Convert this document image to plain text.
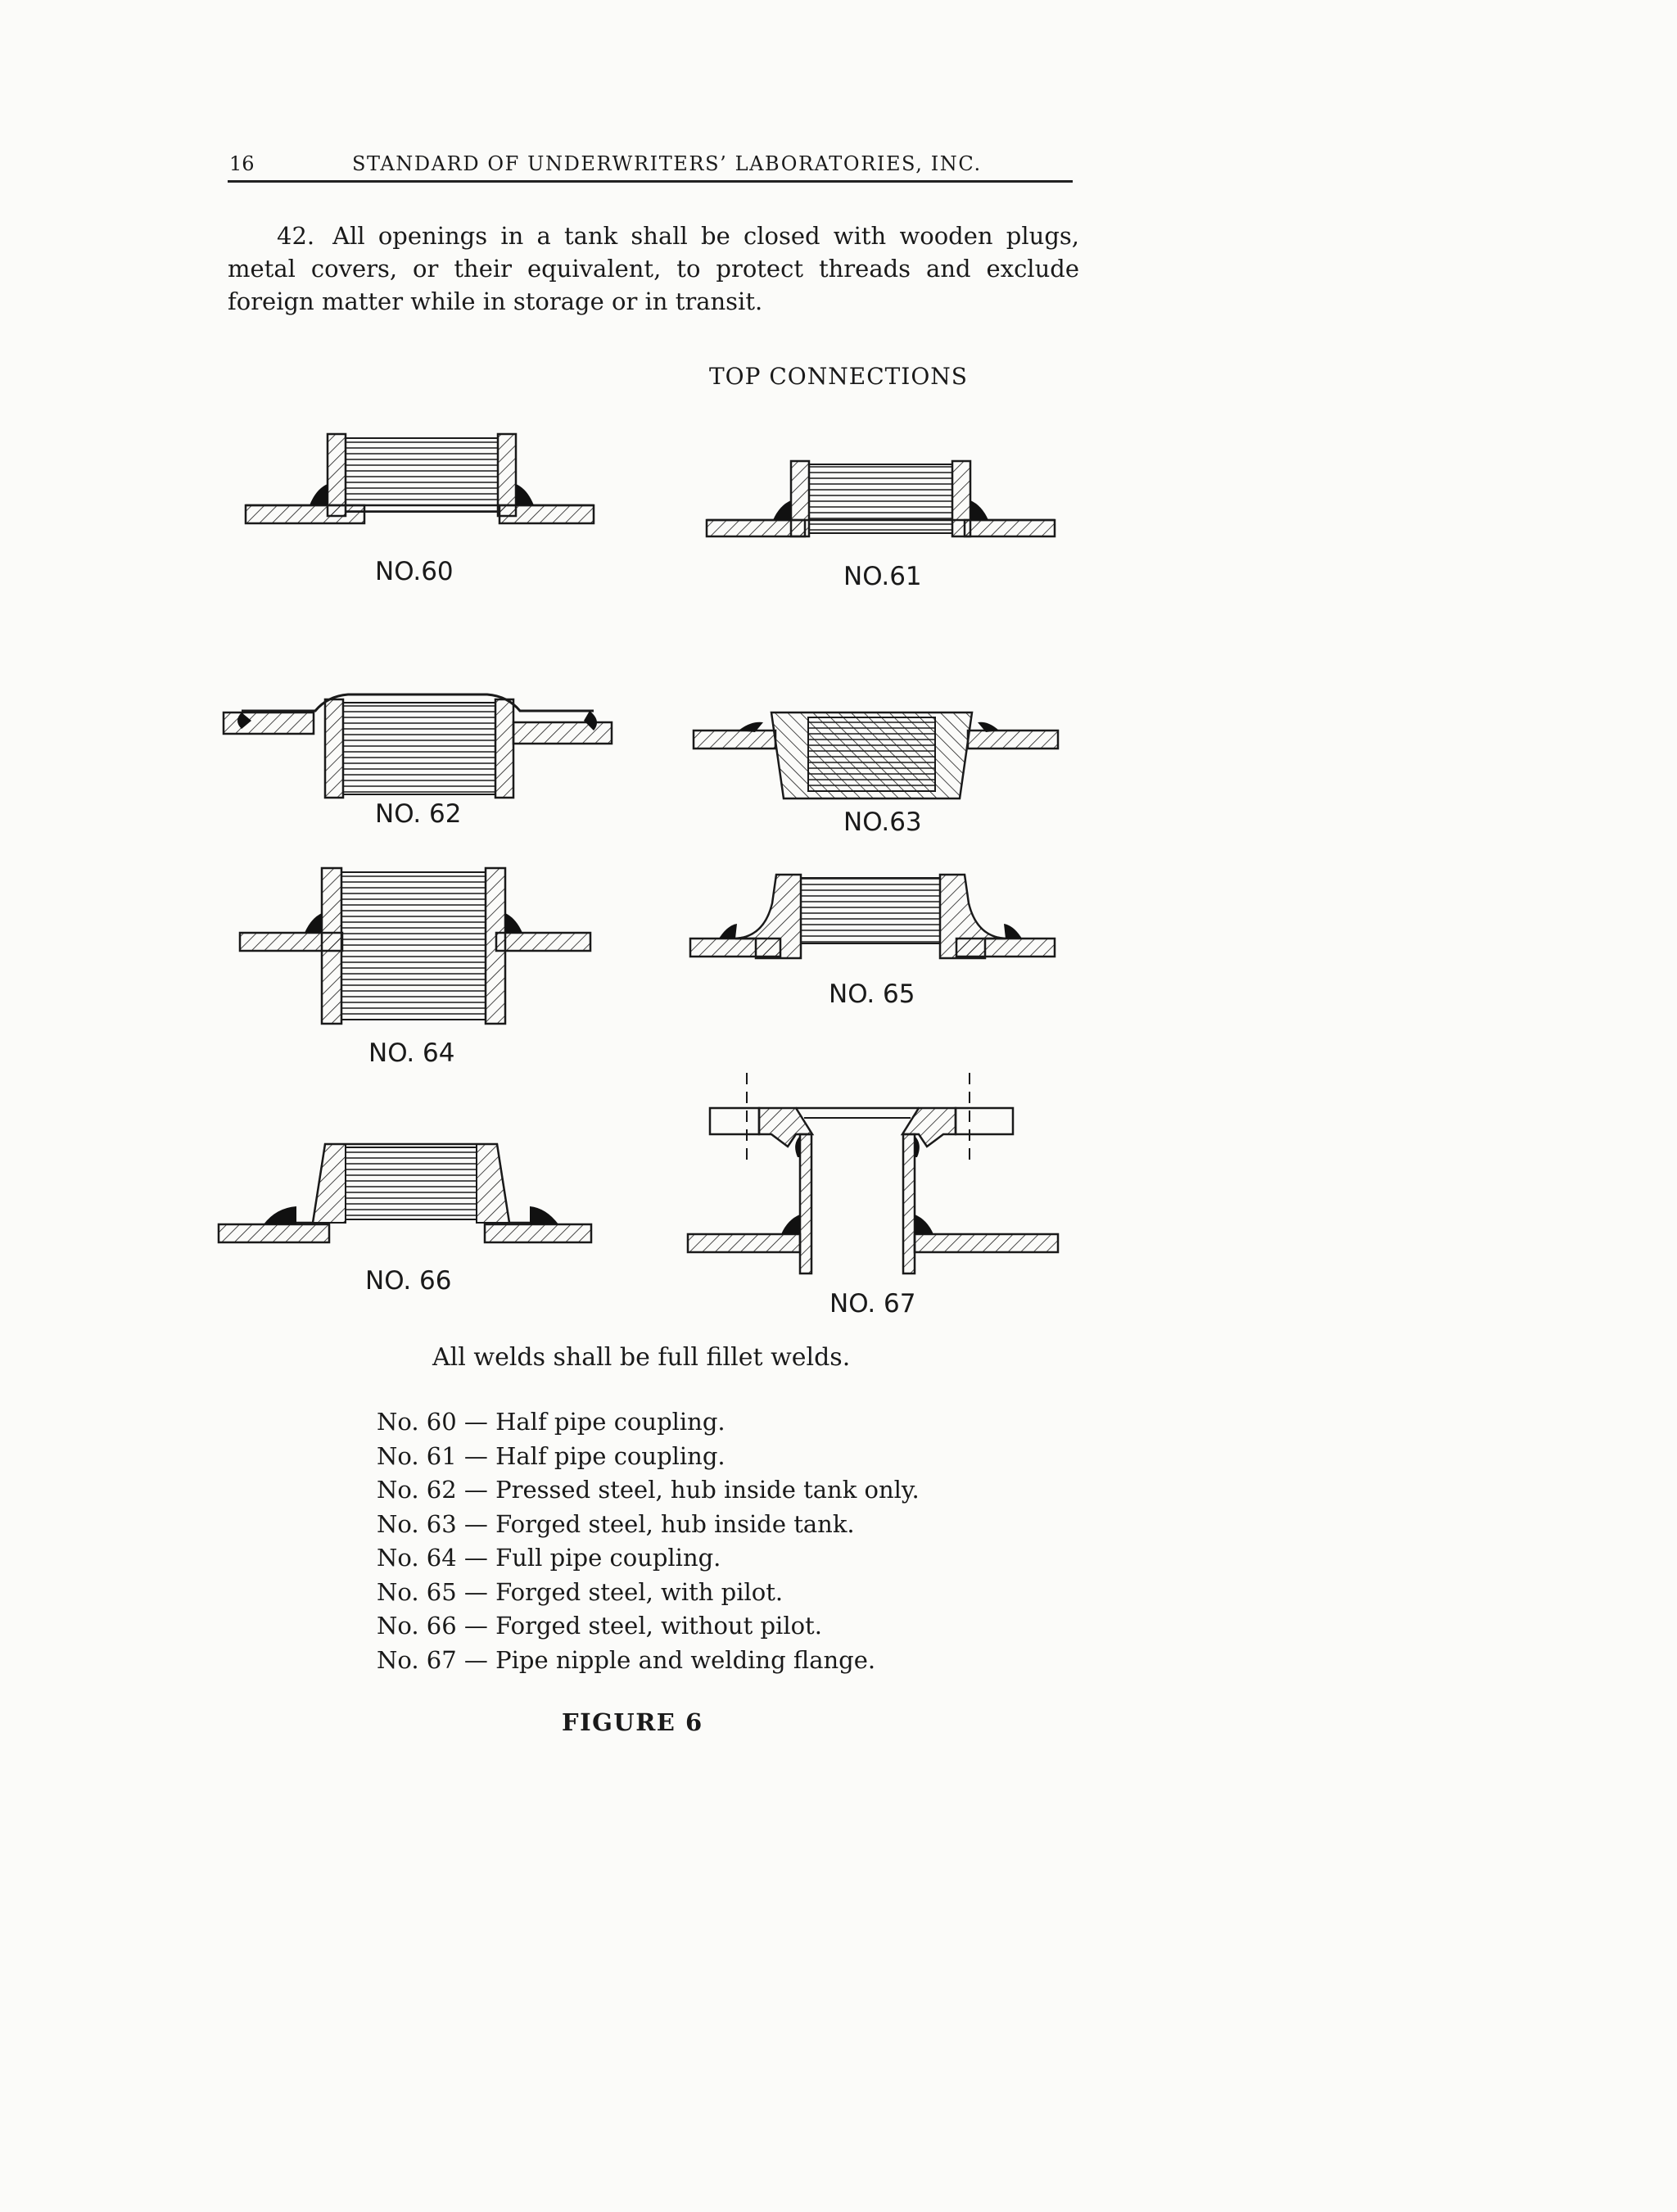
16	STANDARD OF UNDERWRITERS’ LABORATORIES, INC.
42. All openings in a tank shall be closed with wooden plugs, metal covers, or their equivalent, to protect threads and exclude foreign matter while in storage or in transit.
TOP CONNECTIONS
NO.60	NO.61
NO. 62	NO.63
NO. 64
NO. 65
NO. 66
NO. 67
All welds shall be full fillet welds.
No. 60 — Half pipe coupling.
No. 61 — Half pipe coupling.
No. 62 — Pressed steel, hub inside tank only.
No. 63 — Forged steel, hub inside tank.
No. 64 — Full pipe coupling.
No. 65 — Forged steel, with pilot.
No. 66 — Forged steel, without pilot.
No. 67 — Pipe nipple and welding flange.
FIGURE 6
